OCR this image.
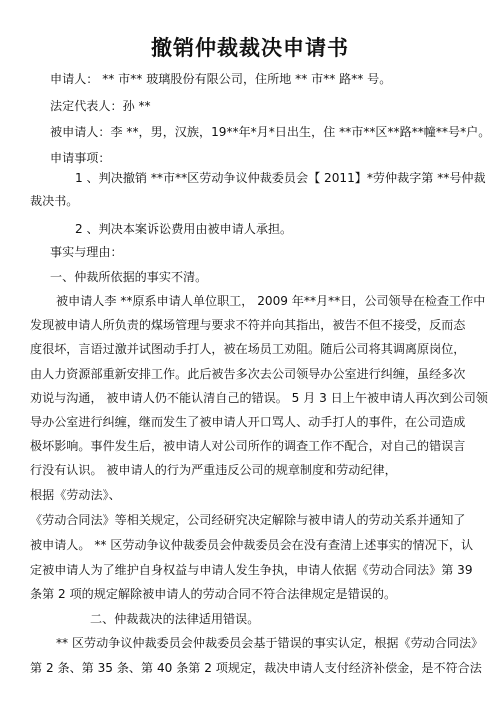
撤销仲裁裁决申请书
申请人： ** 市** 玻璃股份有限公司，住所地 ** 市** 路** 号。
法定代表人：孙 **
被申请人：李 **，男，汉族，19**年*月*日出生，住 **市**区**路**幢**号*户。
申请事项：
1 、判决撤销 **市**区劳动争议仲裁委员会【 2011】*劳仲裁字第 **号仲裁
裁决书。
2 、判决本案诉讼费用由被申请人承担。
事实与理由：
一、仲裁所依据的事实不清。
被申请人李 **原系申请人单位职工， 2009 年**月**日，公司领导在检查工作中
发现被申请人所负责的煤场管理与要求不符并向其指出，被告不但不接受，反而态
度很坏，言语过激并试图动手打人，被在场员工劝阻。随后公司将其调离原岗位，
由人力资源部重新安排工作。此后被告多次去公司领导办公室进行纠缠，虽经多次
劝说与沟通， 被申请人仍不能认清自己的错误。 5 月 3 日上午被申请人再次到公司领
导办公室进行纠缠，继而发生了被申请人开口骂人、动手打人的事件，在公司造成
极坏影响。事件发生后，被申请人对公司所作的调查工作不配合，对自己的错误言
行没有认识。 被申请人的行为严重违反公司的规章制度和劳动纪律，
根据《劳动法》、
《劳动合同法》等相关规定，公司经研究决定解除与被申请人的劳动关系并通知了
被申请人。 ** 区劳动争议仲裁委员会仲裁委员会在没有查清上述事实的情况下，认
定被申请人为了维护自身权益与申请人发生争执，申请人依据《劳动合同法》第 39
条第 2 项的规定解除被申请人的劳动合同不符合法律规定是错误的。
二、仲裁裁决的法律适用错误。
** 区劳动争议仲裁委员会仲裁委员会基于错误的事实认定，根据《劳动合同法》
第 2 条、第 35 条、第 40 条第 2 项规定，裁决申请人支付经济补偿金，是不符合法
